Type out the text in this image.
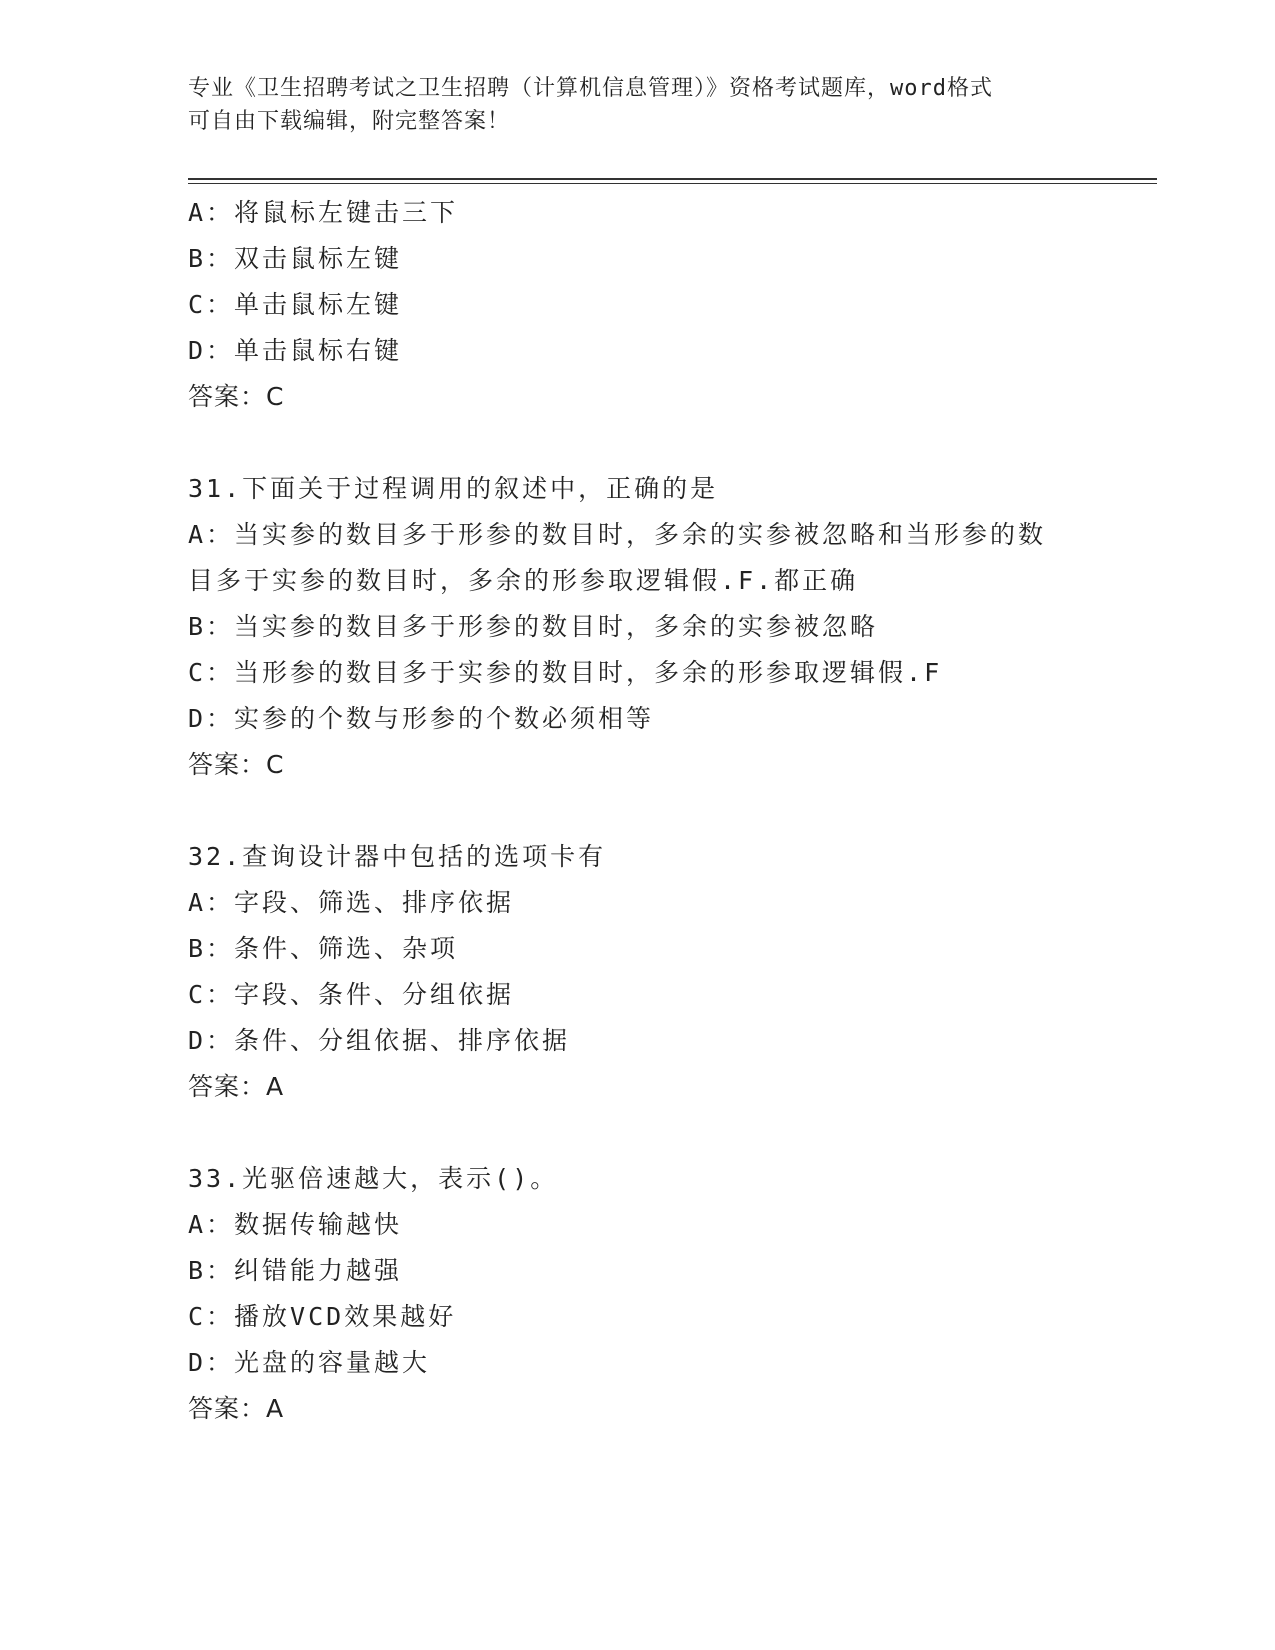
专业《卫生招聘考试之卫生招聘（计算机信息管理）》资格考试题库，word格式
可自由下载编辑，附完整答案！
A：将鼠标左键击三下
B：双击鼠标左键
C：单击鼠标左键
D：单击鼠标右键
答案：C
31.下面关于过程调用的叙述中，正确的是
A：当实参的数目多于形参的数目时，多余的实参被忽略和当形参的数
目多于实参的数目时，多余的形参取逻辑假.F.都正确
B：当实参的数目多于形参的数目时，多余的实参被忽略
C：当形参的数目多于实参的数目时，多余的形参取逻辑假.F
D：实参的个数与形参的个数必须相等
答案：C
32.查询设计器中包括的选项卡有
A：字段、筛选、排序依据
B：条件、筛选、杂项
C：字段、条件、分组依据
D：条件、分组依据、排序依据
答案：A
33.光驱倍速越大，表示()。
A：数据传输越快
B：纠错能力越强
C：播放VCD效果越好
D：光盘的容量越大
答案：A
